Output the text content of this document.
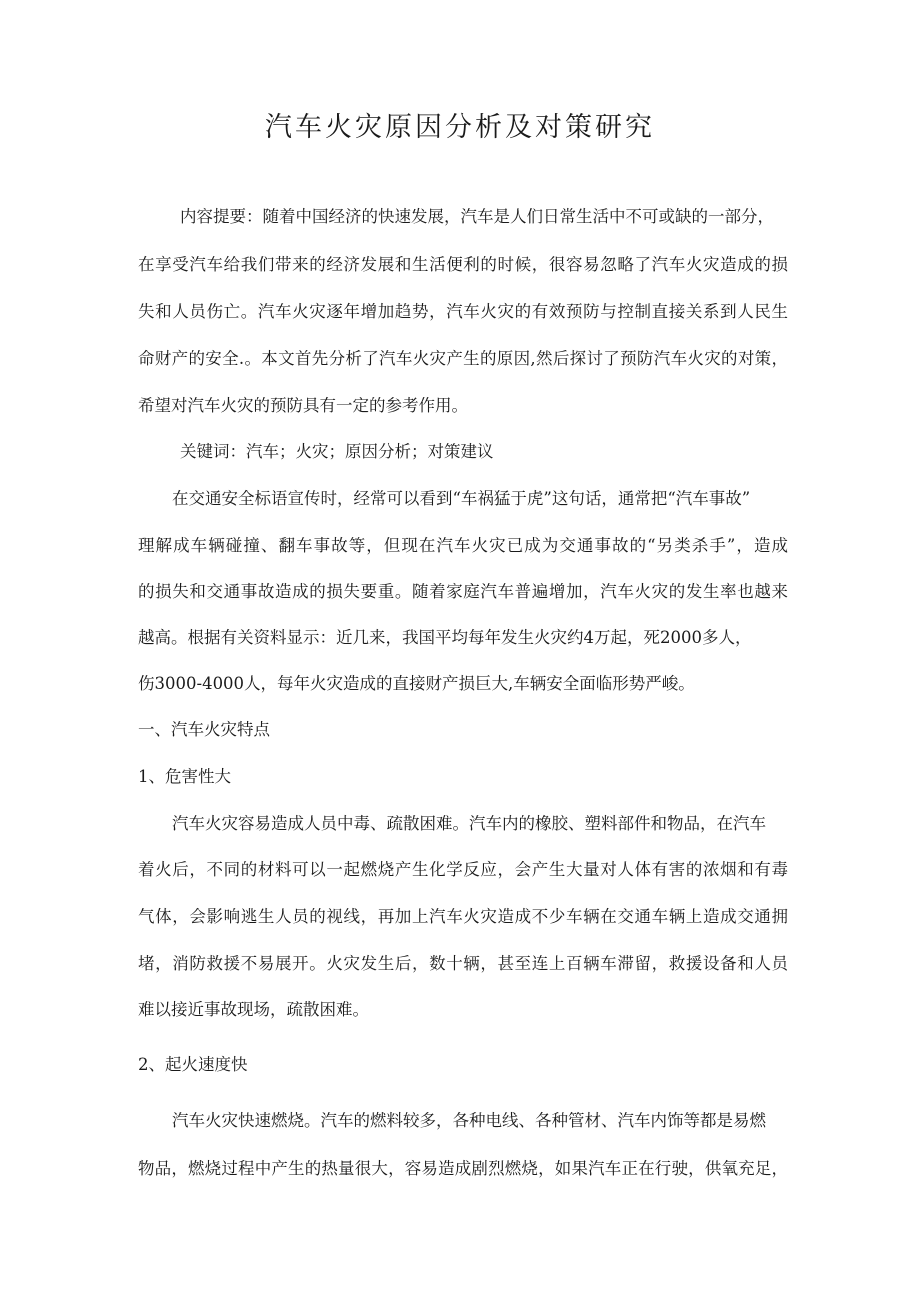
汽车火灾原因分析及对策研究
内容提要：随着中国经济的快速发展，汽车是人们日常生活中不可或缺的一部分，
在享受汽车给我们带来的经济发展和生活便利的时候，很容易忽略了汽车火灾造成的损
失和人员伤亡。汽车火灾逐年增加趋势，汽车火灾的有效预防与控制直接关系到人民生
命财产的安全.。本文首先分析了汽车火灾产生的原因,然后探讨了预防汽车火灾的对策，
希望对汽车火灾的预防具有一定的参考作用。
关键词：汽车；火灾；原因分析；对策建议
在交通安全标语宣传时，经常可以看到“车祸猛于虎”这句话，通常把“汽车事故”
理解成车辆碰撞、翻车事故等，但现在汽车火灾已成为交通事故的“另类杀手”，造成
的损失和交通事故造成的损失要重。随着家庭汽车普遍增加，汽车火灾的发生率也越来
越高。根据有关资料显示：近几来，我国平均每年发生火灾约4万起，死2000多人，
伤3000-4000人，每年火灾造成的直接财产损巨大,车辆安全面临形势严峻。
一、汽车火灾特点
1、危害性大
汽车火灾容易造成人员中毒、疏散困难。汽车内的橡胶、塑料部件和物品，在汽车
着火后，不同的材料可以一起燃烧产生化学反应，会产生大量对人体有害的浓烟和有毒
气体，会影响逃生人员的视线，再加上汽车火灾造成不少车辆在交通车辆上造成交通拥
堵，消防救援不易展开。火灾发生后，数十辆，甚至连上百辆车滞留，救援设备和人员
难以接近事故现场，疏散困难。
2、起火速度快
汽车火灾快速燃烧。汽车的燃料较多，各种电线、各种管材、汽车内饰等都是易燃
物品，燃烧过程中产生的热量很大，容易造成剧烈燃烧，如果汽车正在行驶，供氧充足，
